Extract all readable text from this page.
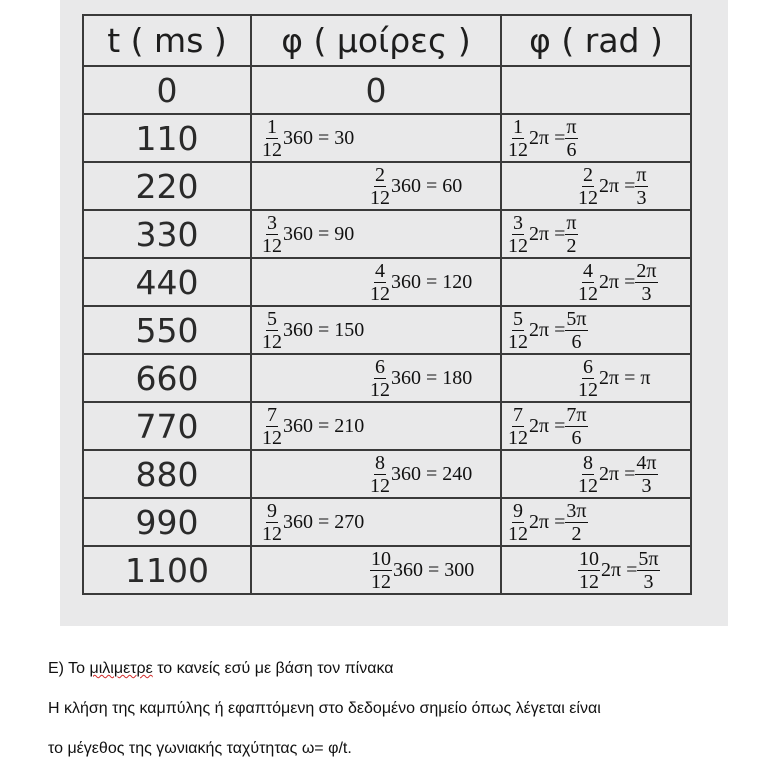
t ( ms )	φ ( μοίρες )	φ ( rad )
0	0	
110	$\frac{1}{12} 360 = 30$	$\frac{1}{12} 2\pi = \frac{\pi}{6}$

220	$\frac{2}{12} 360 = 60$	$\frac{2}{12} 2\pi = \frac{\pi}{3}$

330	$\frac{3}{12} 360 = 90$	$\frac{3}{12} 2\pi = \frac{\pi}{2}$

440	$\frac{4}{12} 360 = 120$	$\frac{4}{12} 2\pi = \frac{2\pi}{3}$

550	$\frac{5}{12} 360 = 150$	$\frac{5}{12} 2\pi = \frac{5\pi}{6}$

660	$\frac{6}{12} 360 = 180$	$\frac{6}{12} 2\pi = \pi$

770	$\frac{7}{12} 360 = 210$	$\frac{7}{12} 2\pi = \frac{7\pi}{6}$

880	$\frac{8}{12} 360 = 240$	$\frac{8}{12} 2\pi = \frac{4\pi}{3}$

990	$\frac{9}{12} 360 = 270$	$\frac{9}{12} 2\pi = \frac{3\pi}{2}$

1100	$\frac{10}{12} 360 = 300$	$\frac{10}{12} 2\pi = \frac{5\pi}{3}$
Ε) Το μιλιμετρε το κανείς εσύ με βάση τον πίνακα
Η κλήση της καμπύλης ή εφαπτόμενη στο δεδομένο σημείο όπως λέγεται είναι
το μέγεθος της γωνιακής ταχύτητας ω= φ/t.
